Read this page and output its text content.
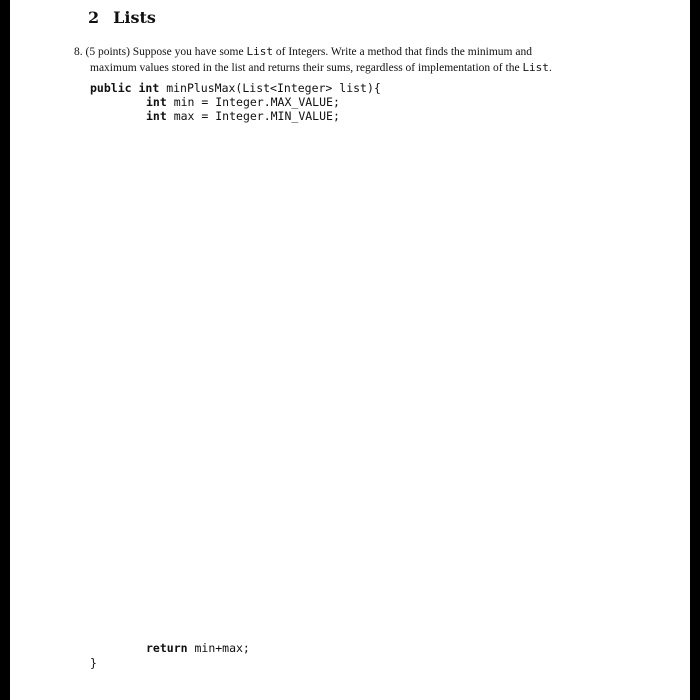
2 Lists
8. (5 points) Suppose you have some List of Integers. Write a method that finds the minimum and
maximum values stored in the list and returns their sums, regardless of implementation of the List.
public int minPlusMax(List<Integer> list){
int min = Integer.MAX_VALUE;
int max = Integer.MIN_VALUE;
return min+max;
}
